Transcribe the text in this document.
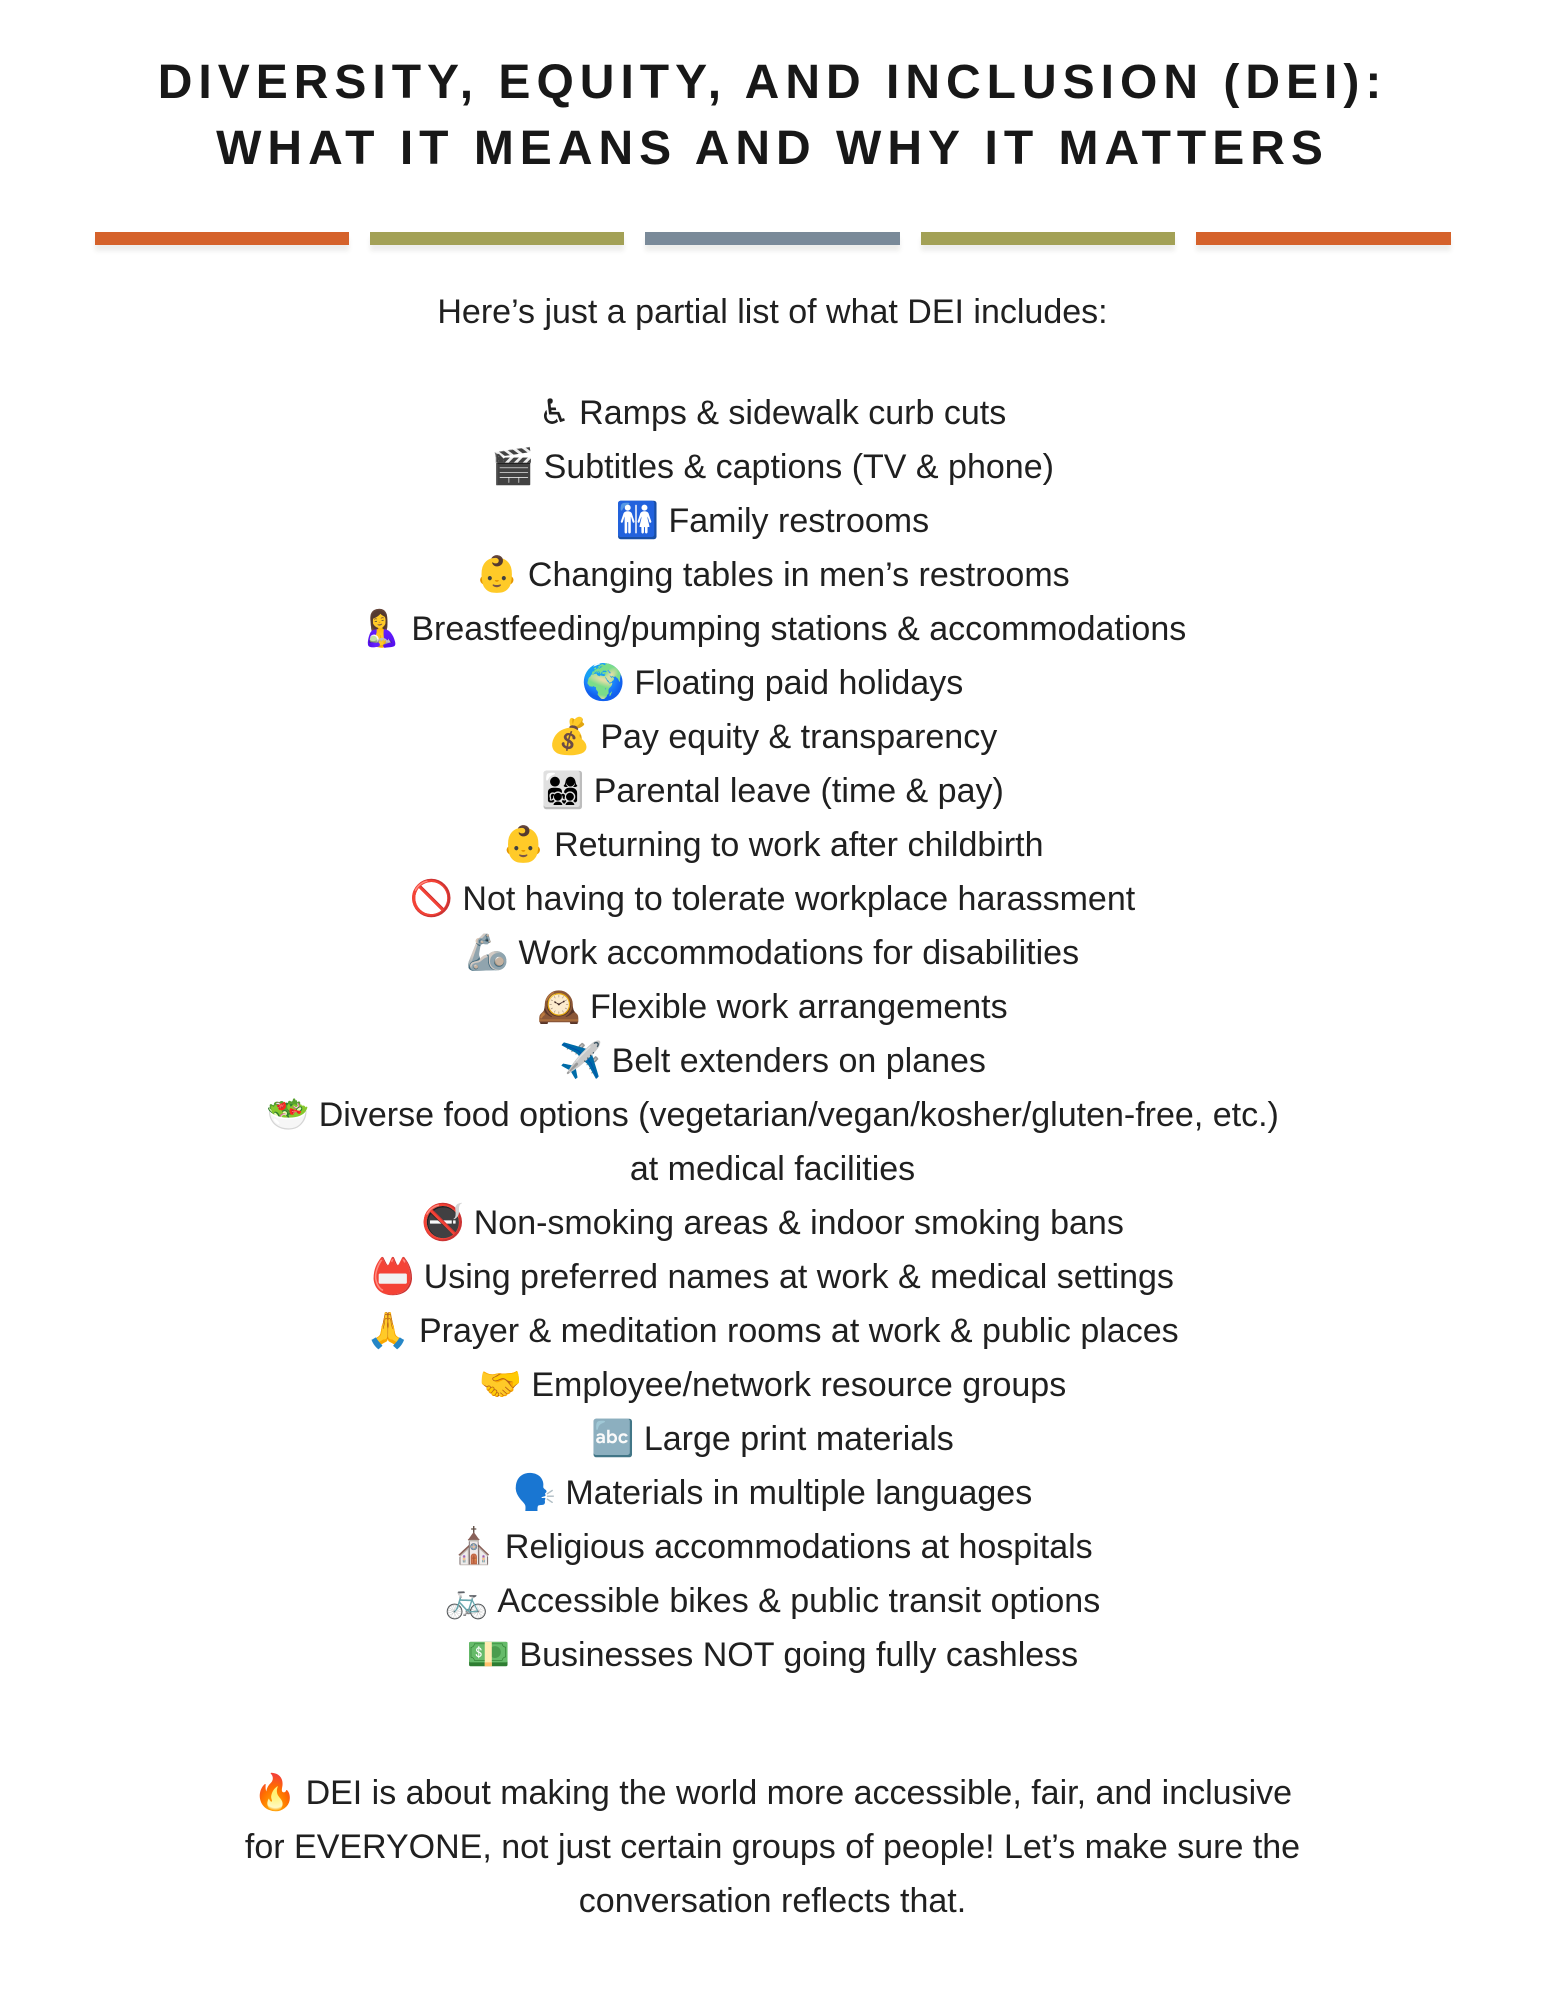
DIVERSITY, EQUITY, AND INCLUSION (DEI):
WHAT IT MEANS AND WHY IT MATTERS

Here’s just a partial list of what DEI includes:

♿ Ramps & sidewalk curb cuts
🎬 Subtitles & captions (TV & phone)
🚻 Family restrooms
👶 Changing tables in men’s restrooms
🤱 Breastfeeding/pumping stations & accommodations
🌍 Floating paid holidays
💰 Pay equity & transparency
👨‍👩‍👧‍👦 Parental leave (time & pay)
👶 Returning to work after childbirth
🚫 Not having to tolerate workplace harassment
🦾 Work accommodations for disabilities
🕰️ Flexible work arrangements
✈️ Belt extenders on planes
🥗 Diverse food options (vegetarian/vegan/kosher/gluten-free, etc.)
at medical facilities
🚭 Non-smoking areas & indoor smoking bans
📛 Using preferred names at work & medical settings
🙏 Prayer & meditation rooms at work & public places
🤝 Employee/network resource groups
🔤 Large print materials
🗣️ Materials in multiple languages
⛪ Religious accommodations at hospitals
🚲 Accessible bikes & public transit options
💵 Businesses NOT going fully cashless

🔥 DEI is about making the world more accessible, fair, and inclusive
for EVERYONE, not just certain groups of people! Let’s make sure the
conversation reflects that.
